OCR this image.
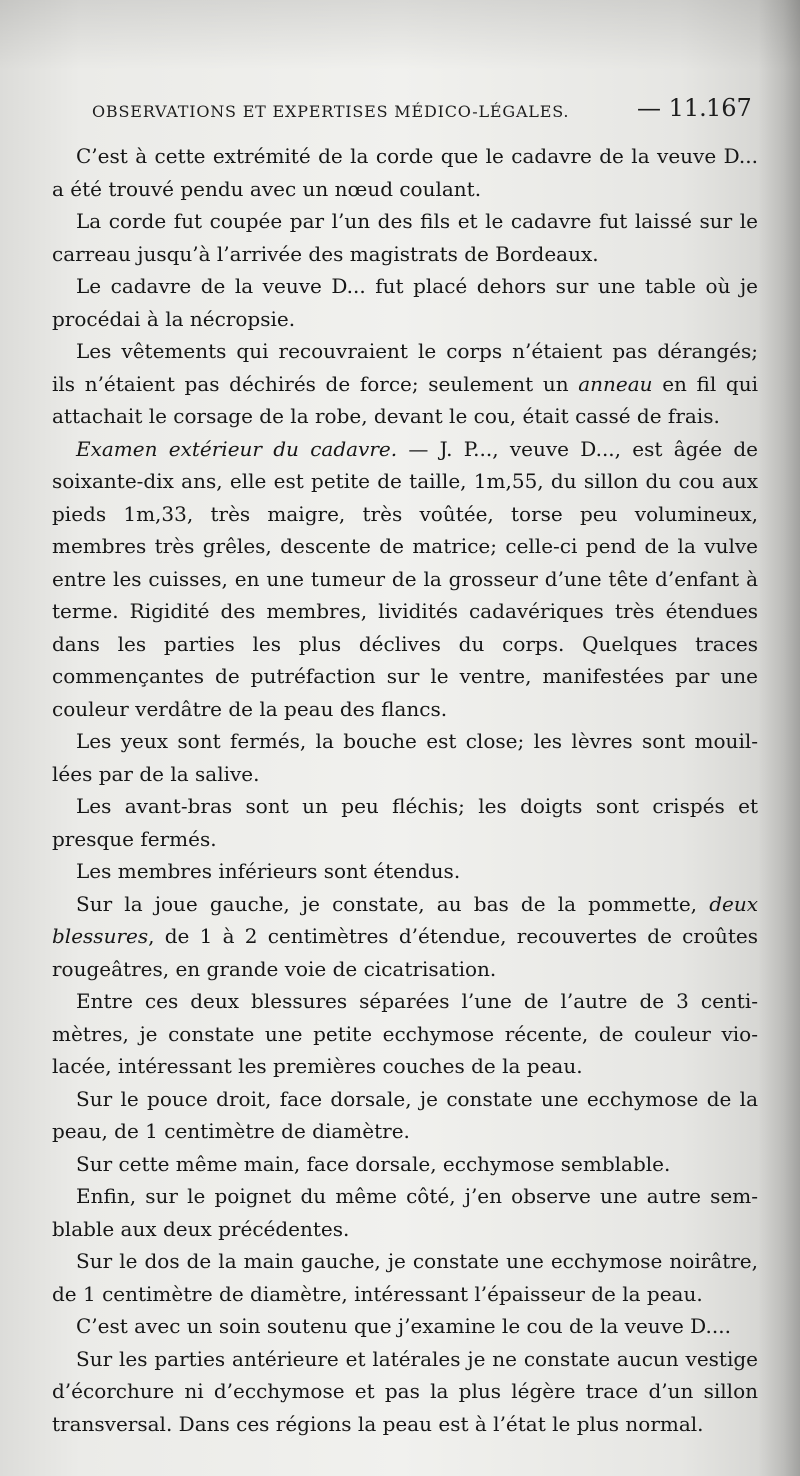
OBSERVATIONS ET EXPERTISES MÉDICO-LÉGALES.	— 11. 167

C’est à cette extrémité de la corde que le cadavre de la veuve D... a été trouvé pendu avec un nœud coulant.

La corde fut coupée par l’un des fils et le cadavre fut laissé sur le carreau jusqu’à l’arrivée des magistrats de Bordeaux.

Le cadavre de la veuve D... fut placé dehors sur une table où je procédai à la nécropsie.

Les vêtements qui recouvraient le corps n’étaient pas dérangés; ils n’étaient pas déchirés de force; seulement un anneau en fil qui attachait le corsage de la robe, devant le cou, était cassé de frais.

Examen extérieur du cadavre. — J. P..., veuve D..., est âgée de soixante-dix ans, elle est petite de taille, 1m,55, du sillon du cou aux pieds 1m,33, très maigre, très voûtée, torse peu volumineux, membres très grêles, descente de matrice; celle-ci pend de la vulve entre les cuisses, en une tumeur de la grosseur d’une tête d’enfant à terme. Rigidité des membres, lividités cadavériques très étendues dans les parties les plus déclives du corps. Quelques traces commençantes de putréfaction sur le ventre, manifestées par une couleur verdâtre de la peau des flancs.

Les yeux sont fermés, la bouche est close; les lèvres sont mouillées par de la salive.

Les avant-bras sont un peu fléchis; les doigts sont crispés et presque fermés.

Les membres inférieurs sont étendus.

Sur la joue gauche, je constate, au bas de la pommette, deux blessures, de 1 à 2 centimètres d’étendue, recouvertes de croûtes rougeâtres, en grande voie de cicatrisation.

Entre ces deux blessures séparées l’une de l’autre de 3 centimètres, je constate une petite ecchymose récente, de couleur violacée, intéressant les premières couches de la peau.

Sur le pouce droit, face dorsale, je constate une ecchymose de la peau, de 1 centimètre de diamètre.

Sur cette même main, face dorsale, ecchymose semblable.

Enfin, sur le poignet du même côté, j’en observe une autre semblable aux deux précédentes.

Sur le dos de la main gauche, je constate une ecchymose noirâtre, de 1 centimètre de diamètre, intéressant l’épaisseur de la peau.

C’est avec un soin soutenu que j’examine le cou de la veuve D....

Sur les parties antérieure et latérales je ne constate aucun vestige d’écorchure ni d’ecchymose et pas la plus légère trace d’un sillon transversal. Dans ces régions la peau est à l’état le plus normal.
